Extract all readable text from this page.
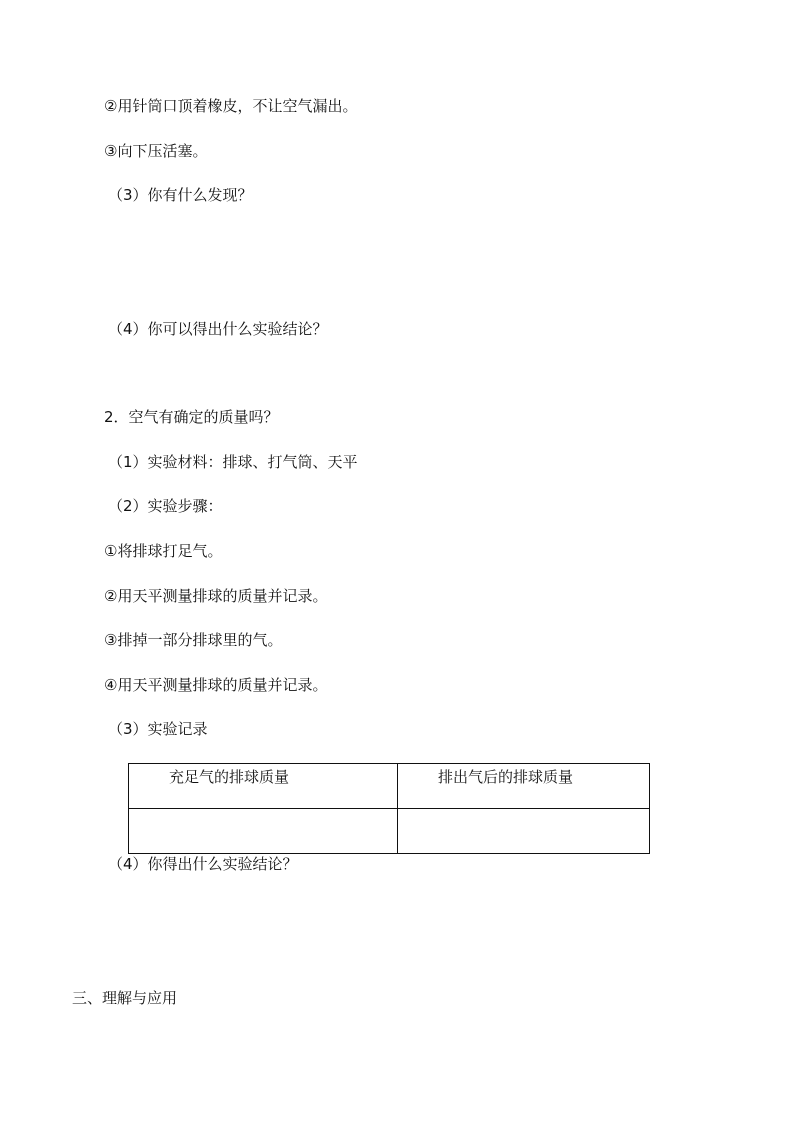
②用针筒口顶着橡皮，不让空气漏出。
③向下压活塞。
（3）你有什么发现？
（4）你可以得出什么实验结论？
2．空气有确定的质量吗？
（1）实验材料：排球、打气筒、天平
（2）实验步骤：
①将排球打足气。
②用天平测量排球的质量并记录。
③排掉一部分排球里的气。
④用天平测量排球的质量并记录。
（3）实验记录
充足气的排球质量	排出气后的排球质量

（4）你得出什么实验结论？
三、理解与应用
